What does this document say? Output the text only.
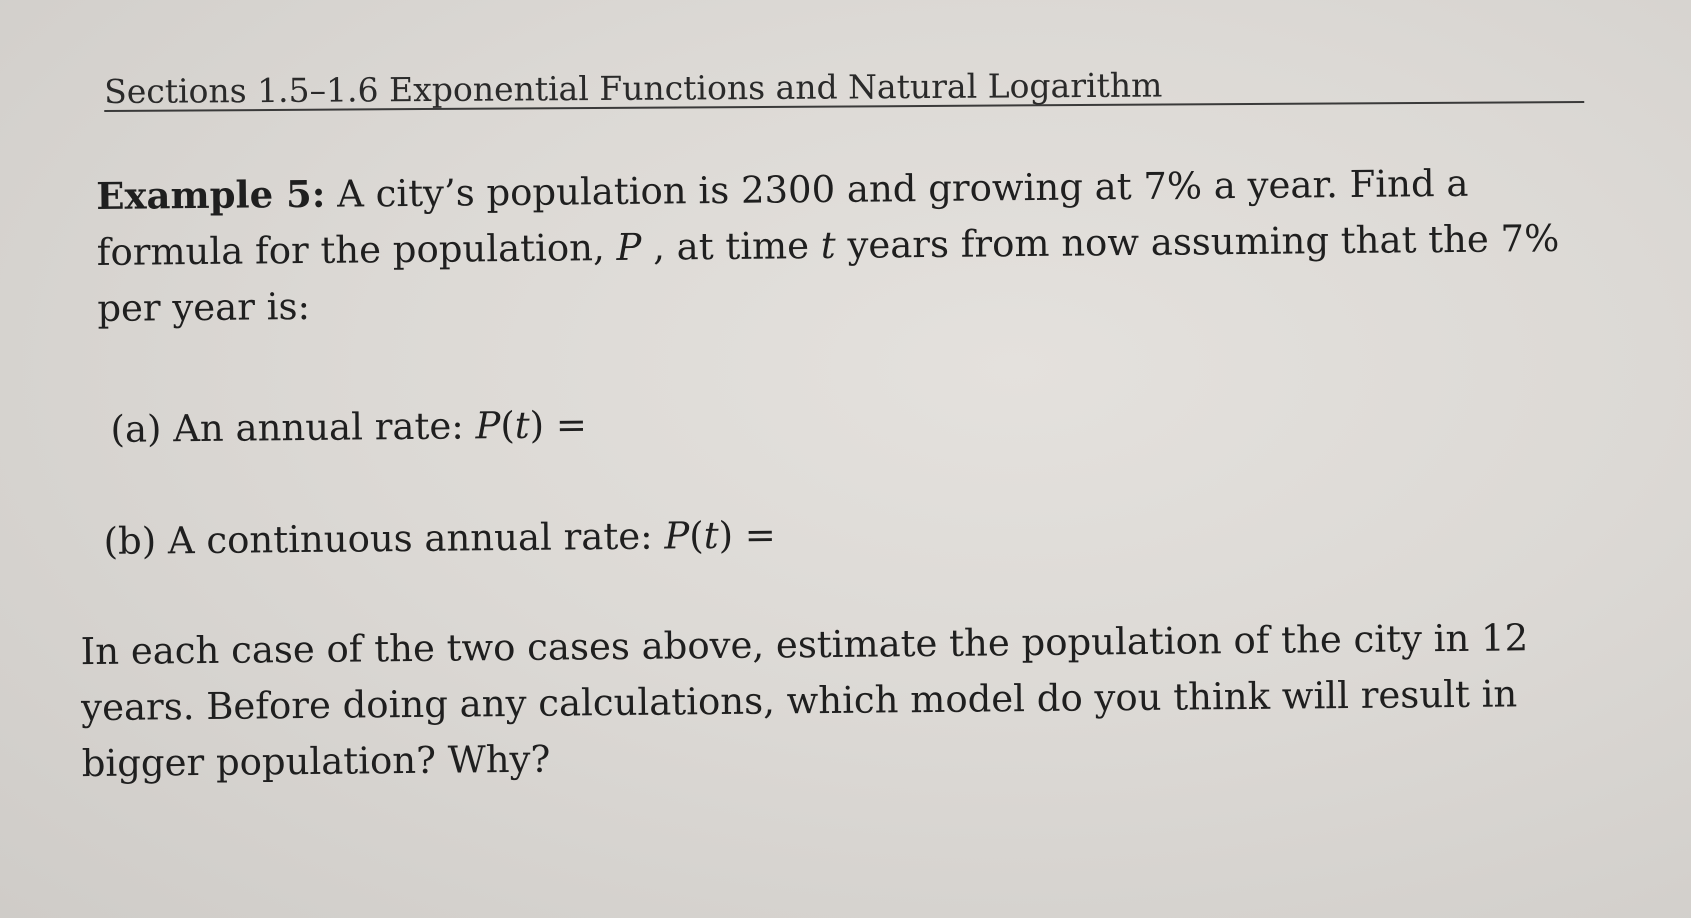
Sections 1.5–1.6 Exponential Functions and Natural Logarithm

Example 5: A city’s population is 2300 and growing at 7% a year. Find a formula for the population, P , at time t years from now assuming that the 7% per year is:

(a) An annual rate: P(t) =
(b) A continuous annual rate: P(t) =

In each case of the two cases above, estimate the population of the city in 12 years. Before doing any calculations, which model do you think will result in bigger population? Why?
